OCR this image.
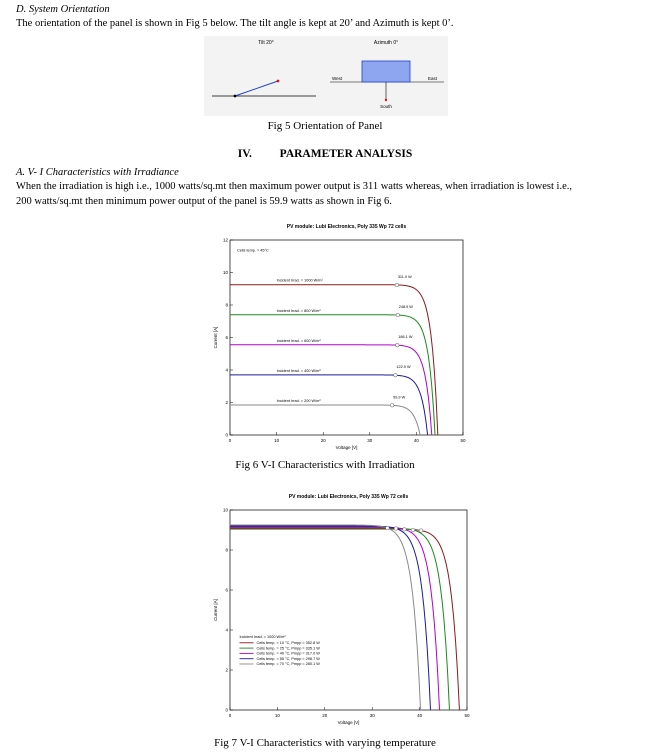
D. System Orientation
The orientation of the panel is shown in Fig 5 below. The tilt angle is kept at 20’ and Azimuth is kept 0’.
Tilt 20°	Azimuth 0°
West	East
South
Fig 5 Orientation of Panel
IV. PARAMETER ANALYSIS
A. V- I Characteristics with Irradiance
When the irradiation is high i.e., 1000 watts/sq.mt then maximum power output is 311 watts whereas, when irradiation is lowest i.e.,
200 watts/sq.mt then minimum power output of the panel is 59.9 watts as shown in Fig 6.
PV module: Lubi Electronics, Poly 335 Wp 72 cells
0	10	20	30	40	50
0
2
4
6
8
10
12
Voltage [V]
Current [A]
Cells temp. = 45°C
Incident Irrad. = 1000 W/m²
311.0 W
Incident Irrad. = 800 W/m²
248.9 W
Incident Irrad. = 600 W/m²
186.1 W
Incident Irrad. = 400 W/m²
122.9 W
Incident Irrad. = 200 W/m²
59.9 W
Fig 6 V-I Characteristics with Irradiation
PV module: Lubi Electronics, Poly 335 Wp 72 cells
0	10	20	30	40	50
0
2
4
6
8
10
Voltage [V]
Current [A]
Incident Irrad. = 1000 W/m²
Cells temp. = 10 °C, Pmpp = 352.8 W
Cells temp. = 25 °C, Pmpp = 335.1 W
Cells temp. = 40 °C, Pmpp = 317.0 W
Cells temp. = 55 °C, Pmpp = 298.7 W
Cells temp. = 70 °C, Pmpp = 280.1 W
Fig 7 V-I Characteristics with varying temperature
